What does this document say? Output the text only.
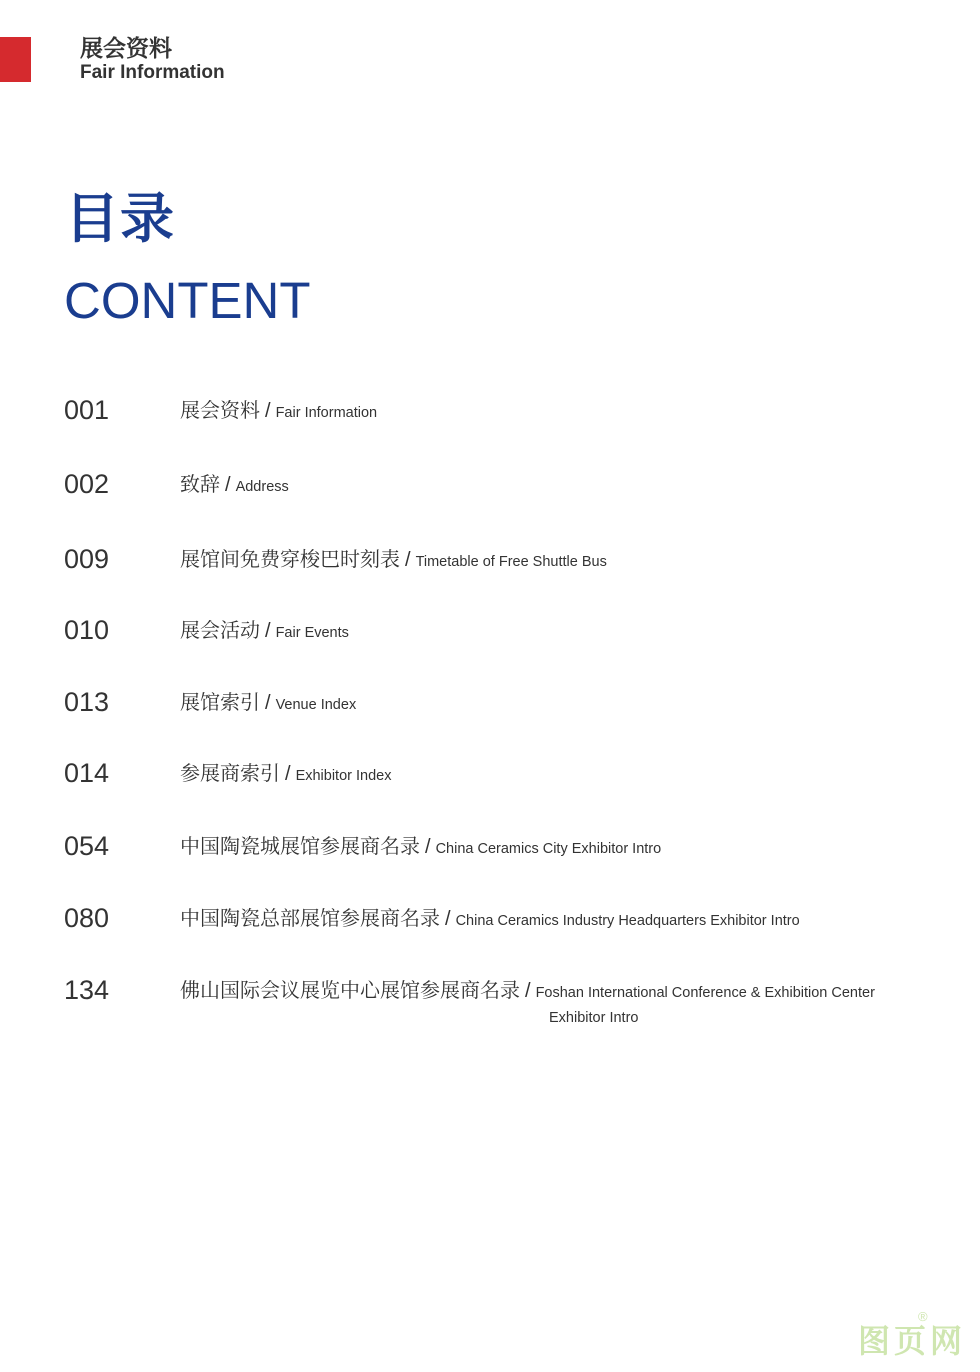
展会资料
Fair Information
目录
CONTENT
001	展会资料 / Fair Information
002	致辞 / Address
009	展馆间免费穿梭巴时刻表 / Timetable of Free Shuttle Bus
010	展会活动 / Fair Events
013	展馆索引 / Venue Index
014	参展商索引 / Exhibitor Index
054	中国陶瓷城展馆参展商名录 / China Ceramics City Exhibitor Intro
080	中国陶瓷总部展馆参展商名录 / China Ceramics Industry Headquarters Exhibitor Intro
134	佛山国际会议展览中心展馆参展商名录 / Foshan International Conference & Exhibition Center
Exhibitor Intro
图页网
®
